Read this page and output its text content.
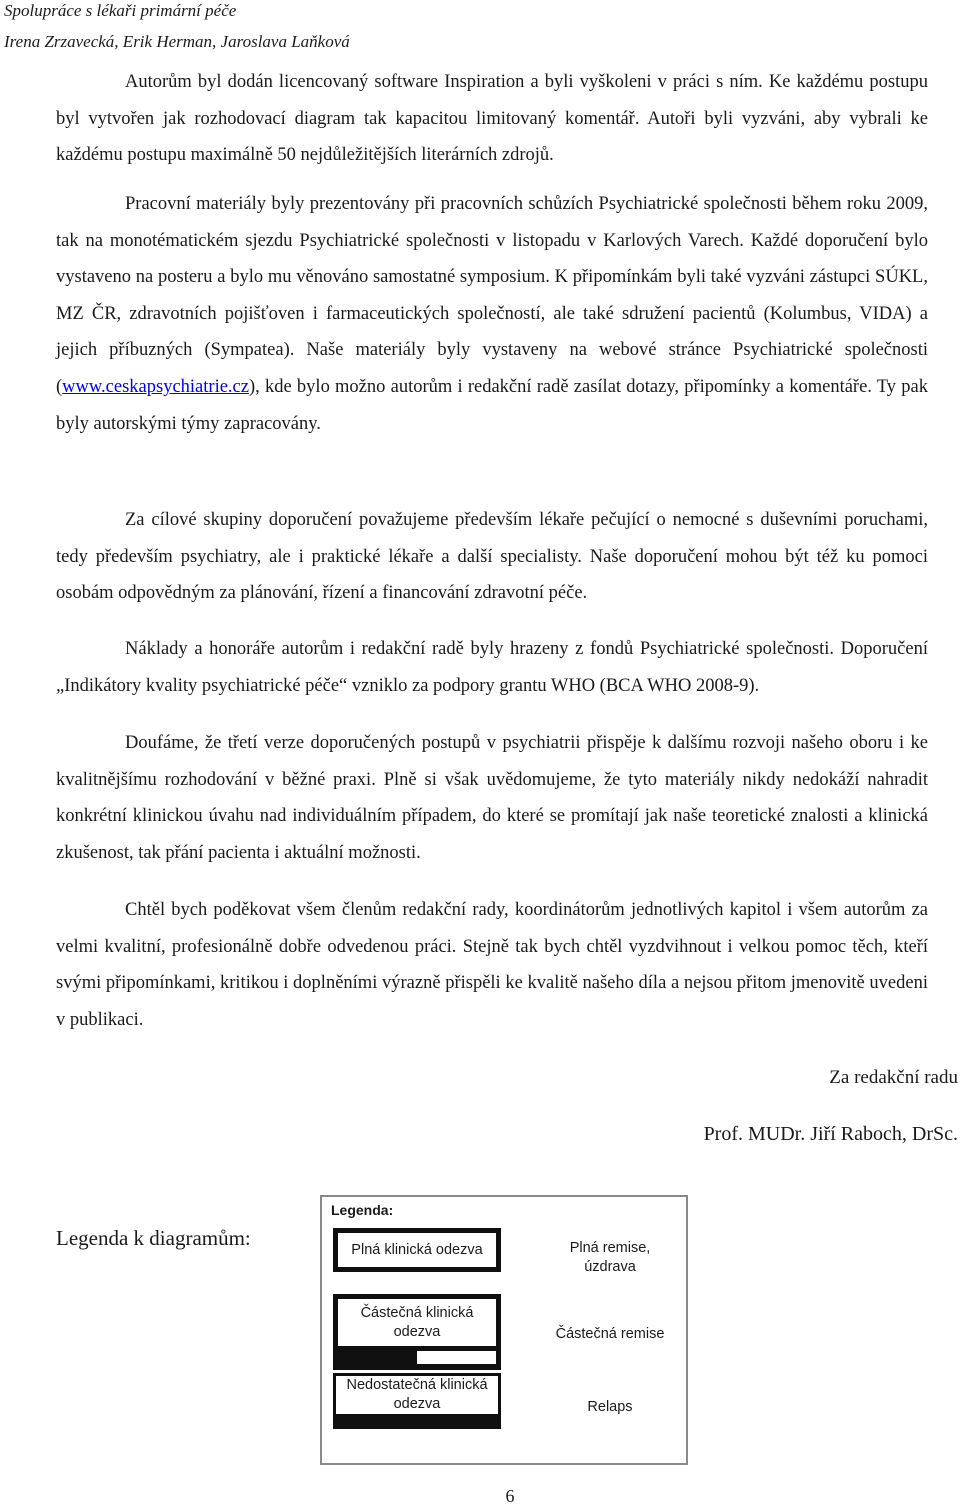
Spolupráce s lékaři primární péče
Irena Zrzavecká, Erik Herman, Jaroslava Laňková

Autorům byl dodán licencovaný software Inspiration a byli vyškoleni v práci s ním. Ke každému postupu byl vytvořen jak rozhodovací diagram tak kapacitou limitovaný komentář. Autoři byli vyzváni, aby vybrali ke každému postupu maximálně 50 nejdůležitějších literárních zdrojů.

Pracovní materiály byly prezentovány při pracovních schůzích Psychiatrické společnosti během roku 2009, tak na monotématickém sjezdu Psychiatrické společnosti v listopadu v Karlových Varech. Každé doporučení bylo vystaveno na posteru a bylo mu věnováno samostatné symposium. K připomínkám byli také vyzváni zástupci SÚKL, MZ ČR, zdravotních pojišťoven i farmaceutických společností, ale také sdružení pacientů (Kolumbus, VIDA) a jejich příbuzných (Sympatea). Naše materiály byly vystaveny na webové stránce Psychiatrické společnosti (www.ceskapsychiatrie.cz), kde bylo možno autorům i redakční radě zasílat dotazy, připomínky a komentáře. Ty pak byly autorskými týmy zapracovány.

Za cílové skupiny doporučení považujeme především lékaře pečující o nemocné s duševními poruchami, tedy především psychiatry, ale i praktické lékaře a další specialisty. Naše doporučení mohou být též ku pomoci osobám odpovědným za plánování, řízení a financování zdravotní péče.

Náklady a honoráře autorům i redakční radě byly hrazeny z fondů Psychiatrické společnosti. Doporučení „Indikátory kvality psychiatrické péče“ vzniklo za podpory grantu WHO (BCA WHO 2008-9).

Doufáme, že třetí verze doporučených postupů v psychiatrii přispěje k dalšímu rozvoji našeho oboru i ke kvalitnějšímu rozhodování v běžné praxi. Plně si však uvědomujeme, že tyto materiály nikdy nedokáží nahradit konkrétní klinickou úvahu nad individuálním případem, do které se promítají jak naše teoretické znalosti a klinická zkušenost, tak přání pacienta i aktuální možnosti.

Chtěl bych poděkovat všem členům redakční rady, koordinátorům jednotlivých kapitol i všem autorům za velmi kvalitní, profesionálně dobře odvedenou práci. Stejně tak bych chtěl vyzdvihnout i velkou pomoc těch, kteří svými připomínkami, kritikou i doplněními výrazně přispěli ke kvalitě našeho díla a nejsou přitom jmenovitě uvedeni v publikaci.

Za redakční radu
Prof. MUDr. Jiří Raboch, DrSc.
Legenda k diagramům:
Legenda:
Plná klinická odezva
Částečná klinická odezva
Nedostatečná klinická odezva
Plná remise, úzdrava
Částečná remise
Relaps
6
